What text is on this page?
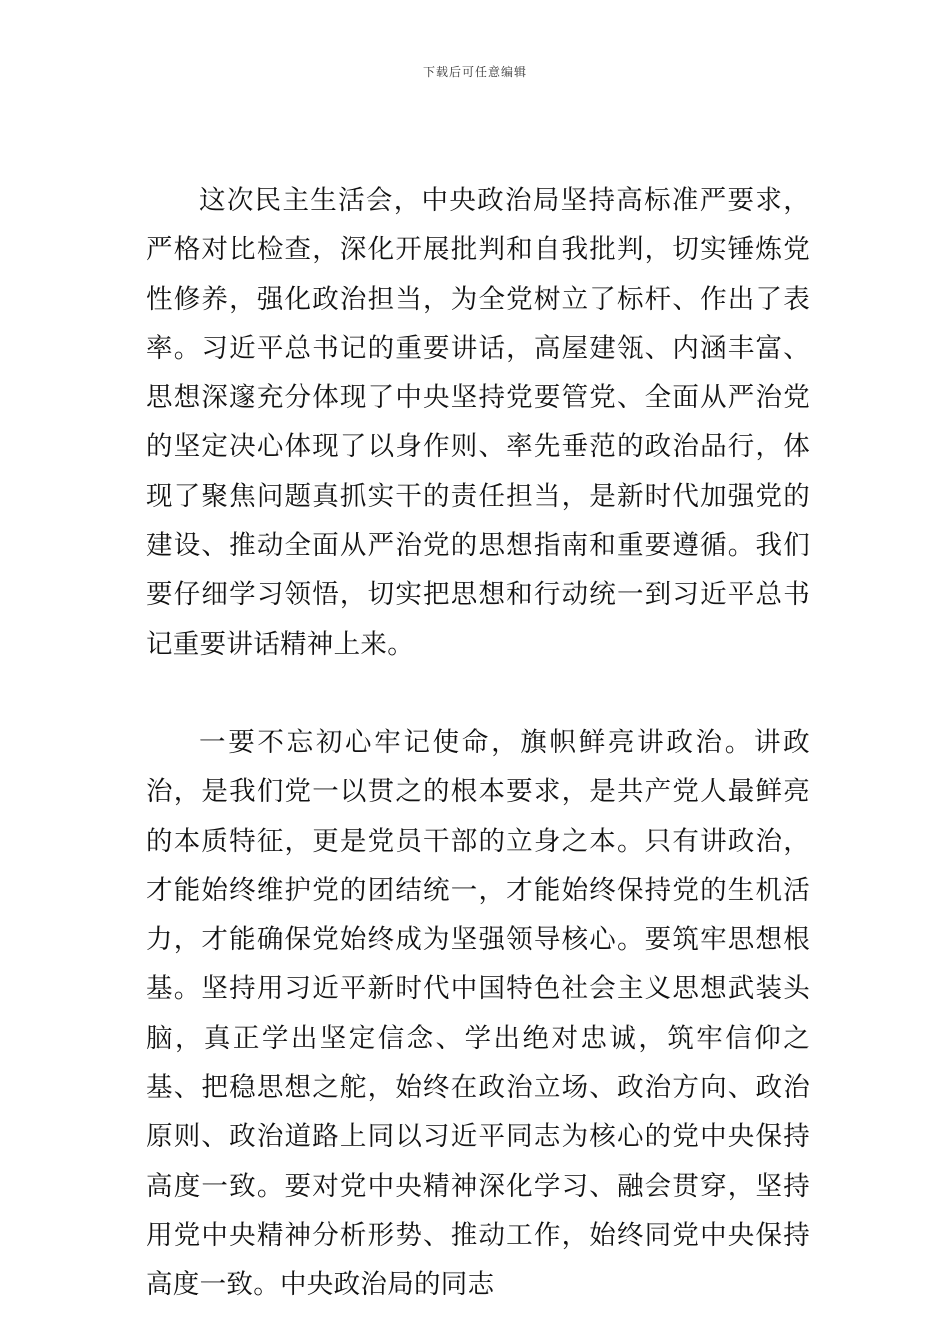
下载后可任意编辑

这次民主生活会，中央政治局坚持高标准严要求，严格对比检查，深化开展批判和自我批判，切实锤炼党性修养，强化政治担当，为全党树立了标杆、作出了表率。习近平总书记的重要讲话，高屋建瓴、内涵丰富、思想深邃充分体现了中央坚持党要管党、全面从严治党的坚定决心体现了以身作则、率先垂范的政治品行，体现了聚焦问题真抓实干的责任担当，是新时代加强党的建设、推动全面从严治党的思想指南和重要遵循。我们要仔细学习领悟，切实把思想和行动统一到习近平总书记重要讲话精神上来。

一要不忘初心牢记使命，旗帜鲜亮讲政治。讲政治，是我们党一以贯之的根本要求，是共产党人最鲜亮的本质特征，更是党员干部的立身之本。只有讲政治，才能始终维护党的团结统一，才能始终保持党的生机活力，才能确保党始终成为坚强领导核心。要筑牢思想根基。坚持用习近平新时代中国特色社会主义思想武装头脑，真正学出坚定信念、学出绝对忠诚，筑牢信仰之基、把稳思想之舵，始终在政治立场、政治方向、政治原则、政治道路上同以习近平同志为核心的党中央保持高度一致。要对党中央精神深化学习、融会贯穿，坚持用党中央精神分析形势、推动工作，始终同党中央保持高度一致。中央政治局的同志
